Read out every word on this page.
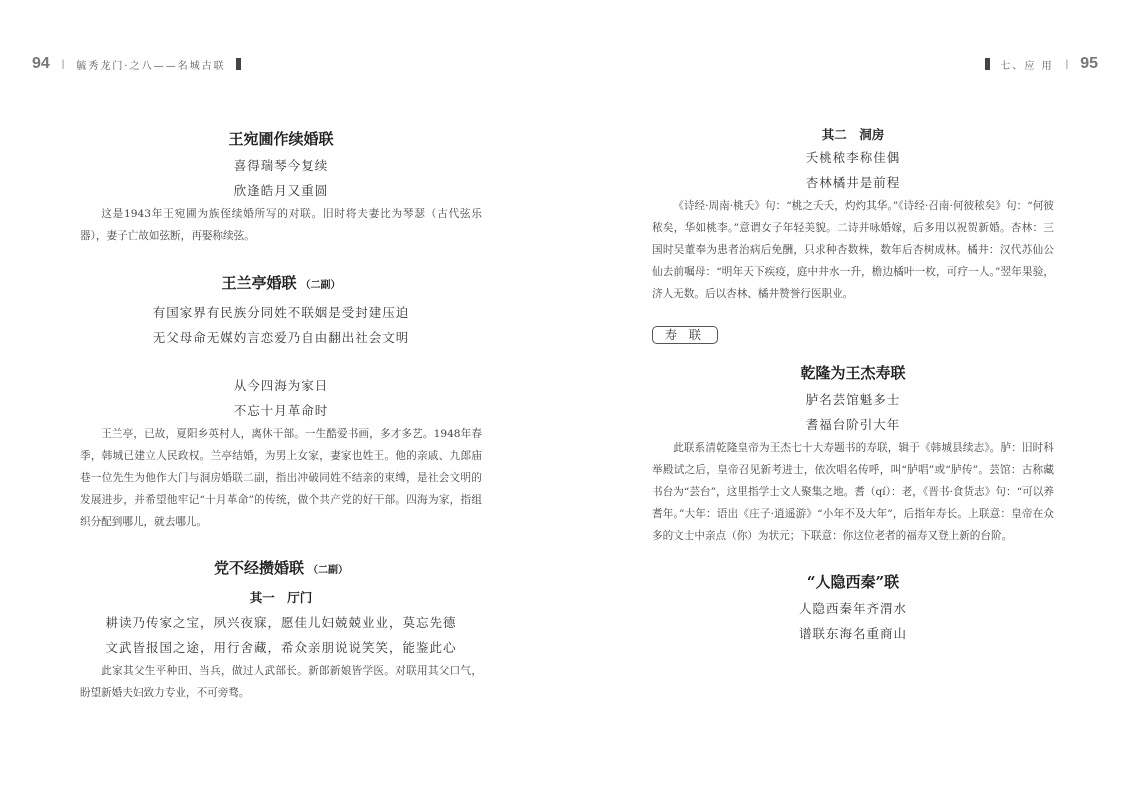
94 | 毓秀龙门·之八——名城古联
王宛圃作续婚联

喜得瑞琴今复续

欣逢皓月又重圆

这是1943年王宛圃为族侄续婚所写的对联。旧时将夫妻比为琴瑟（古代弦乐器），妻子亡故如弦断，再娶称续弦。

王兰亭婚联 （二副）

有国家界有民族分同姓不联姻是受封建压迫

无父母命无媒妁言恋爱乃自由翻出社会文明

从今四海为家日

不忘十月革命时

王兰亭，已故，夏阳乡英村人，离休干部。一生酷爱书画，多才多艺。1948年春季，韩城已建立人民政权。兰亭结婚，为男上女家，妻家也姓王。他的亲戚、九郎庙巷一位先生为他作大门与洞房婚联二副，指出冲破同姓不结亲的束缚，是社会文明的发展进步，并希望他牢记“十月革命”的传统，做个共产党的好干部。四海为家，指组织分配到哪儿，就去哪儿。

党不经攒婚联 （二副）
其一　厅门

耕读乃传家之宝，夙兴夜寐，愿佳儿妇兢兢业业，莫忘先德

文武皆报国之途，用行舍藏，希众亲朋说说笑笑，能鉴此心

此家其父生平种田、当兵，做过人武部长。新郎新娘皆学医。对联用其父口气，盼望新婚夫妇致力专业，不可旁骛。

七、应 用 | 95
其二　洞房

夭桃秾李称佳偶

杏林橘井是前程

《诗经·周南·桃夭》句：“桃之夭夭，灼灼其华。”《诗经·召南·何彼秾矣》句：“何彼秾矣，华如桃李。”意谓女子年轻美貌。二诗并咏婚嫁，后多用以祝贺新婚。杏林：三国时吴董奉为患者治病后免酬，只求种杏数株，数年后杏树成林。橘井：汉代苏仙公仙去前嘱母：“明年天下疾疫，庭中井水一升，檐边橘叶一枚，可疗一人。”翌年果验，济人无数。后以杏林、橘井赞誉行医职业。

寿 联
乾隆为王杰寿联

胪名芸馆魁多士

耆福台阶引大年

此联系清乾隆皇帝为王杰七十大寿题书的寿联，辑于《韩城县续志》。胪：旧时科举殿试之后，皇帝召见新考进士，依次唱名传呼，叫“胪唱”或“胪传”。芸馆：古称藏书台为“芸台”，这里指学士文人聚集之地。耆（qí）：老，《晋书·食货志》句：“可以养耆年。”大年：语出《庄子·逍遥游》“小年不及大年”，后指年寿长。上联意：皇帝在众多的文士中亲点（你）为状元；下联意：你这位老者的福寿又登上新的台阶。

“人隐西秦”联

人隐西秦年齐渭水

谱联东海名重商山
